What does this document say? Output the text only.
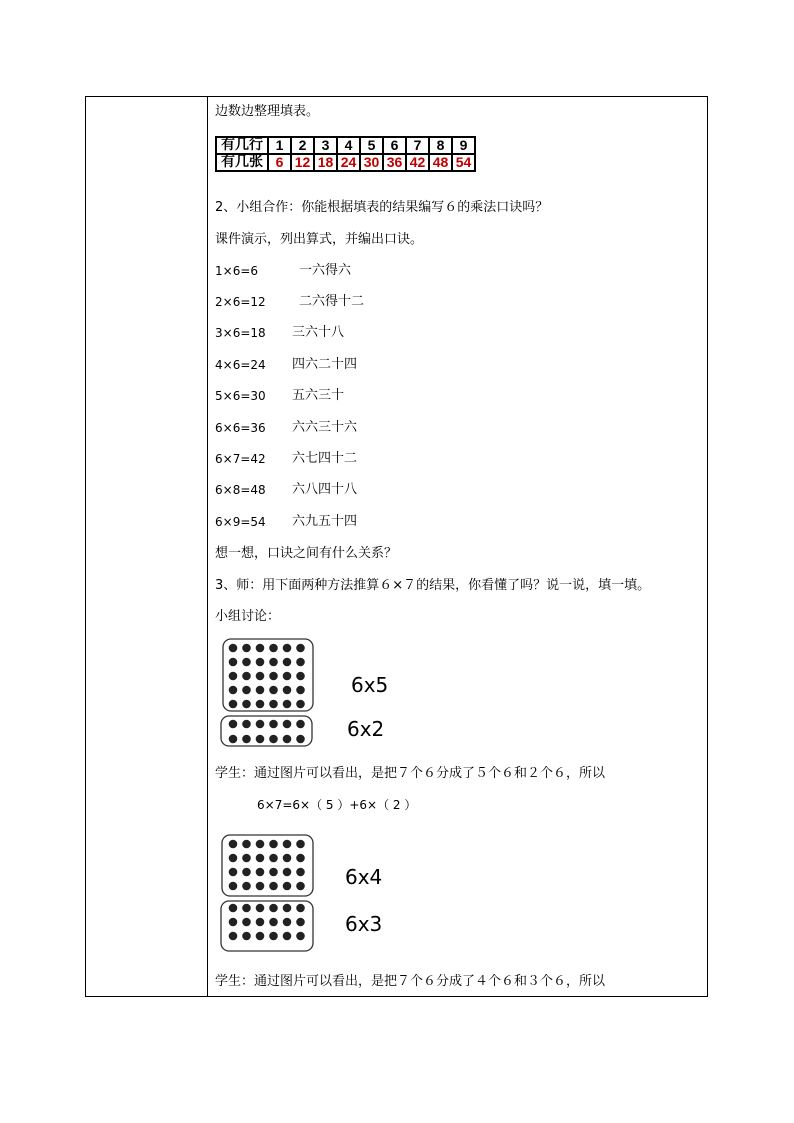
边数边整理填表。
有几行	1	2	3	4	5	6	7	8	9
有几张	6	12	18	24	30	36	42	48	54
2、小组合作：你能根据填表的结果编写６的乘法口诀吗？
课件演示，列出算式，并编出口诀。
1×6=6	一六得六
2×6=12	二六得十二
3×6=18 三六十八
4×6=24 四六二十四
5×6=30 五六三十
6×6=36 六六三十六
6×7=42 六七四十二
6×8=48 六八四十八
6×9=54 六九五十四
想一想，口诀之间有什么关系？
3、师：用下面两种方法推算６×７的结果，你看懂了吗？说一说，填一填。
小组讨论：
6x5
6x2
学生：通过图片可以看出，是把７个６分成了５个６和２个６，所以
6×7=6×（ 5 ）+6×（ 2 ）
6x4
6x3
学生：通过图片可以看出，是把７个６分成了４个６和３个６，所以
